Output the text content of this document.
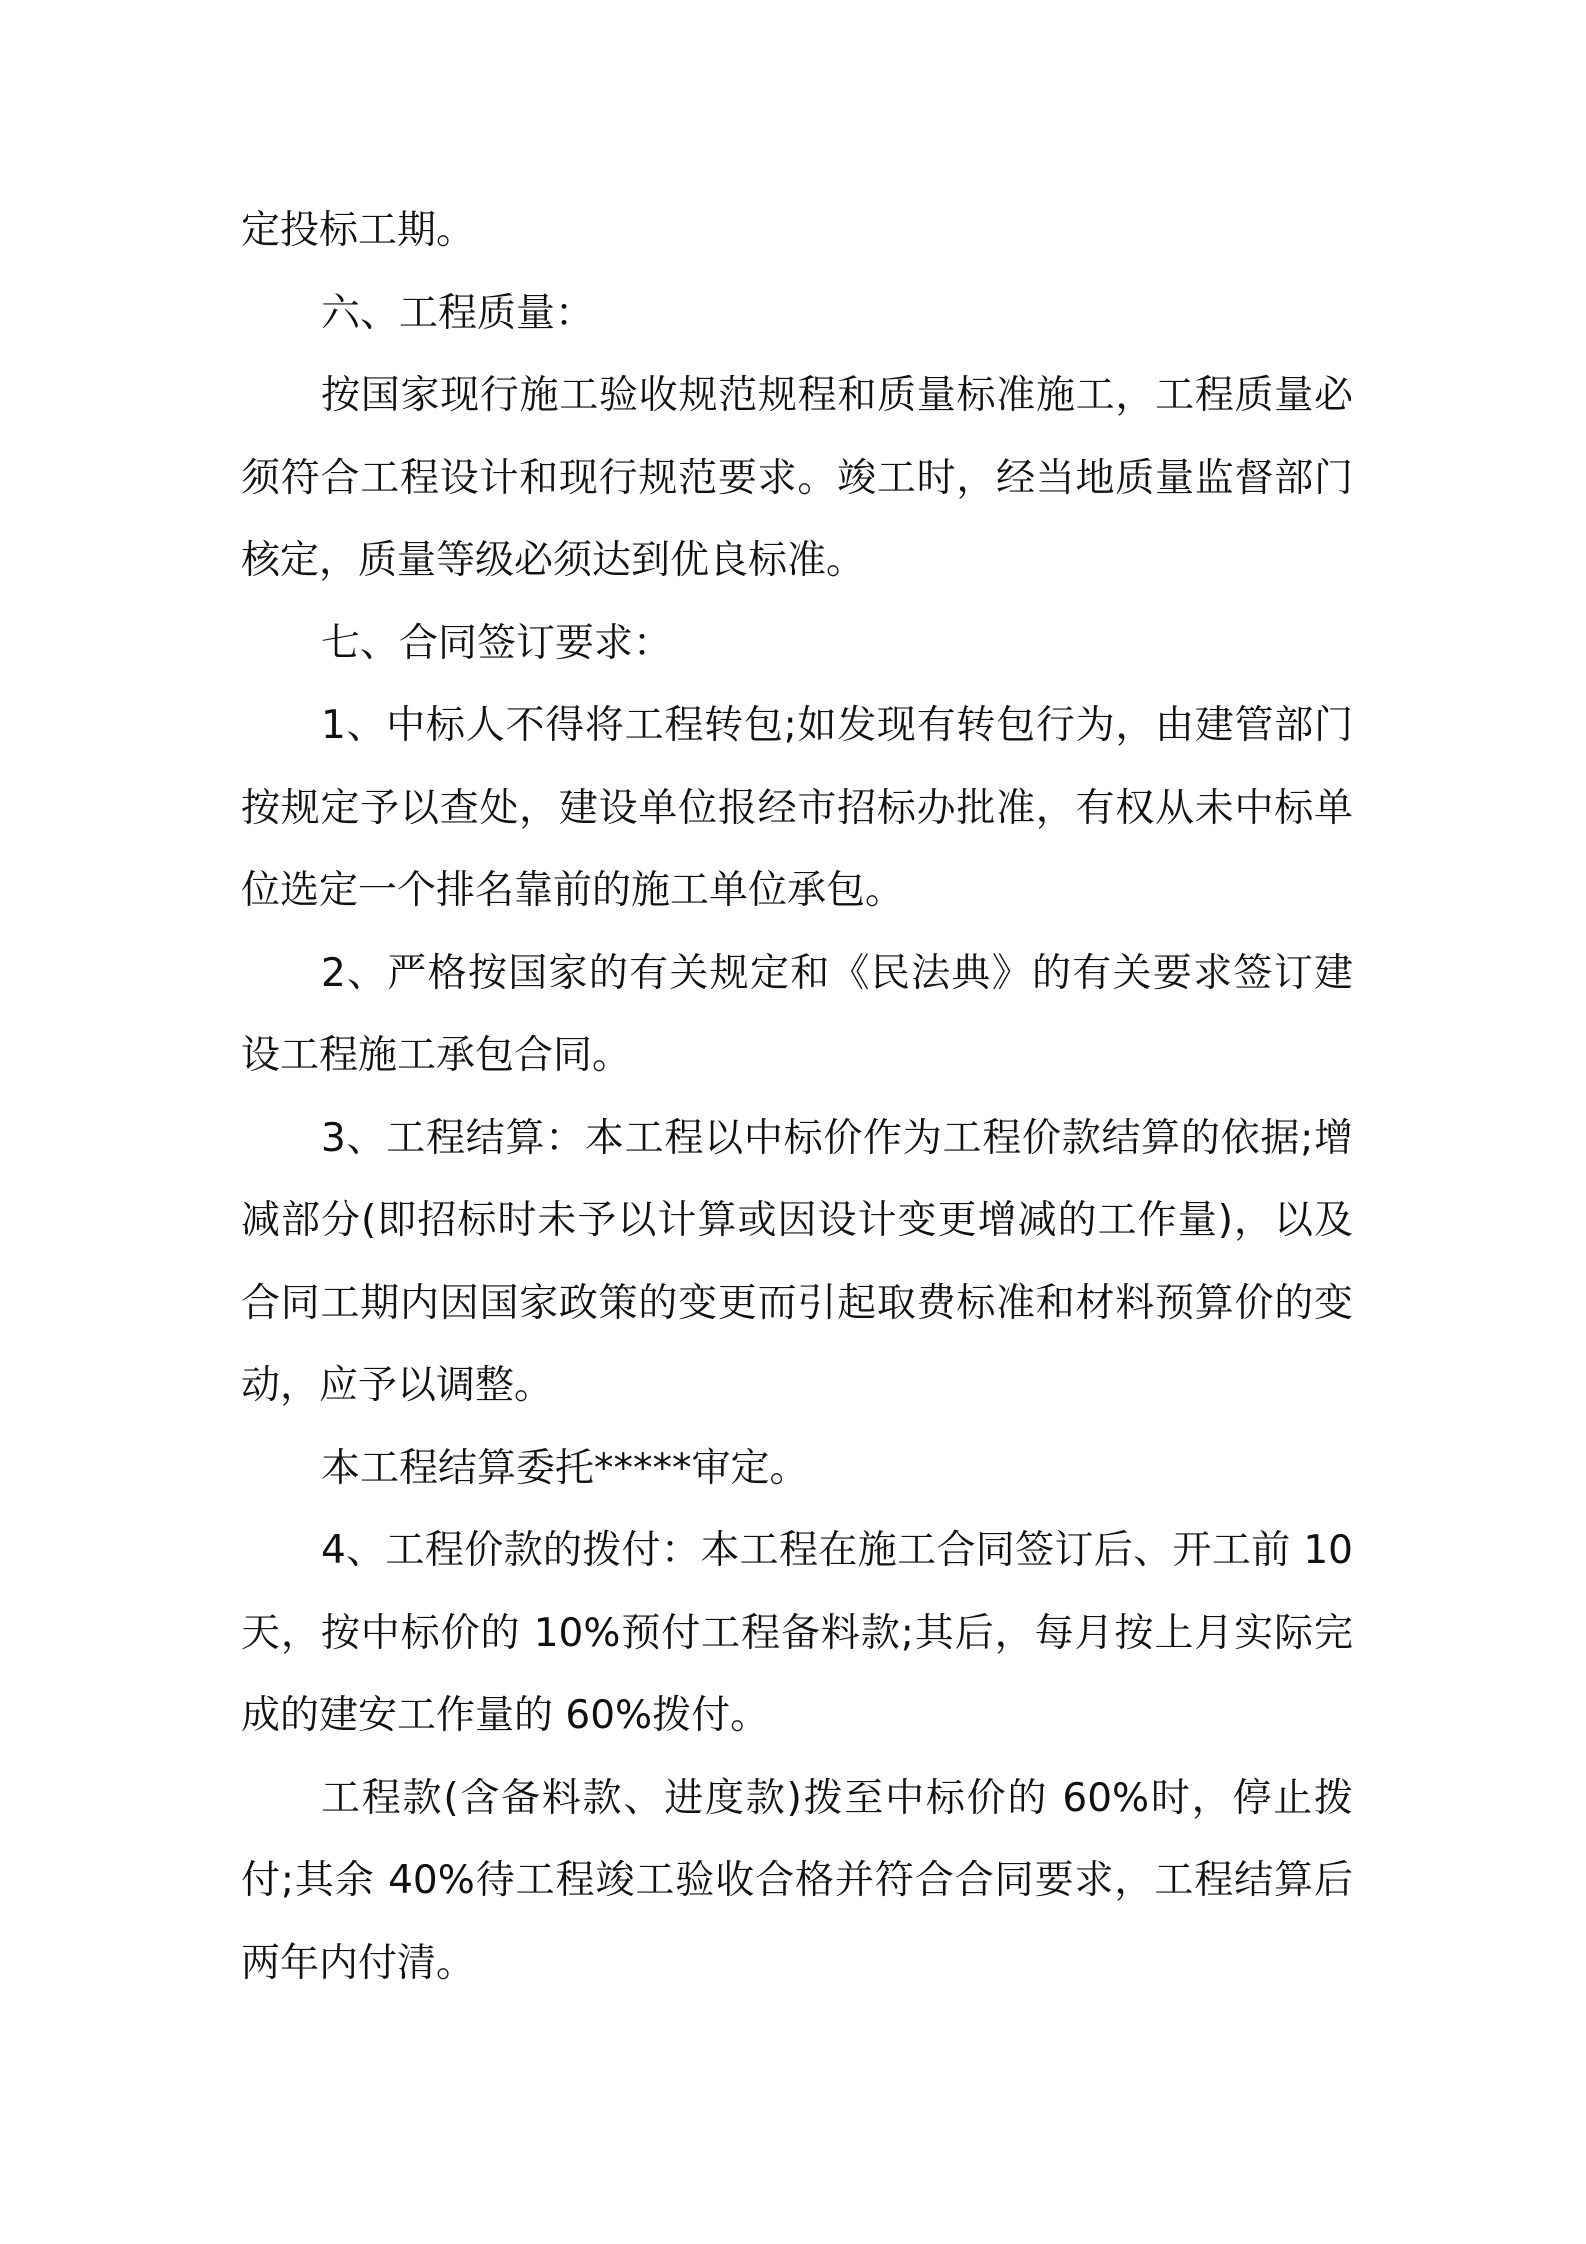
定投标工期。

六、工程质量：

按国家现行施工验收规范规程和质量标准施工，工程质量必须符合工程设计和现行规范要求。竣工时，经当地质量监督部门核定，质量等级必须达到优良标准。

七、合同签订要求：

1、中标人不得将工程转包;如发现有转包行为，由建管部门按规定予以查处，建设单位报经市招标办批准，有权从未中标单位选定一个排名靠前的施工单位承包。

2、严格按国家的有关规定和《民法典》的有关要求签订建设工程施工承包合同。

3、工程结算：本工程以中标价作为工程价款结算的依据;增减部分(即招标时未予以计算或因设计变更增减的工作量)，以及合同工期内因国家政策的变更而引起取费标准和材料预算价的变动，应予以调整。

本工程结算委托*****审定。

4、工程价款的拨付：本工程在施工合同签订后、开工前 10 天，按中标价的 10%预付工程备料款;其后，每月按上月实际完成的建安工作量的 60%拨付。

工程款(含备料款、进度款)拨至中标价的 60%时，停止拨付;其余 40%待工程竣工验收合格并符合合同要求，工程结算后两年内付清。
